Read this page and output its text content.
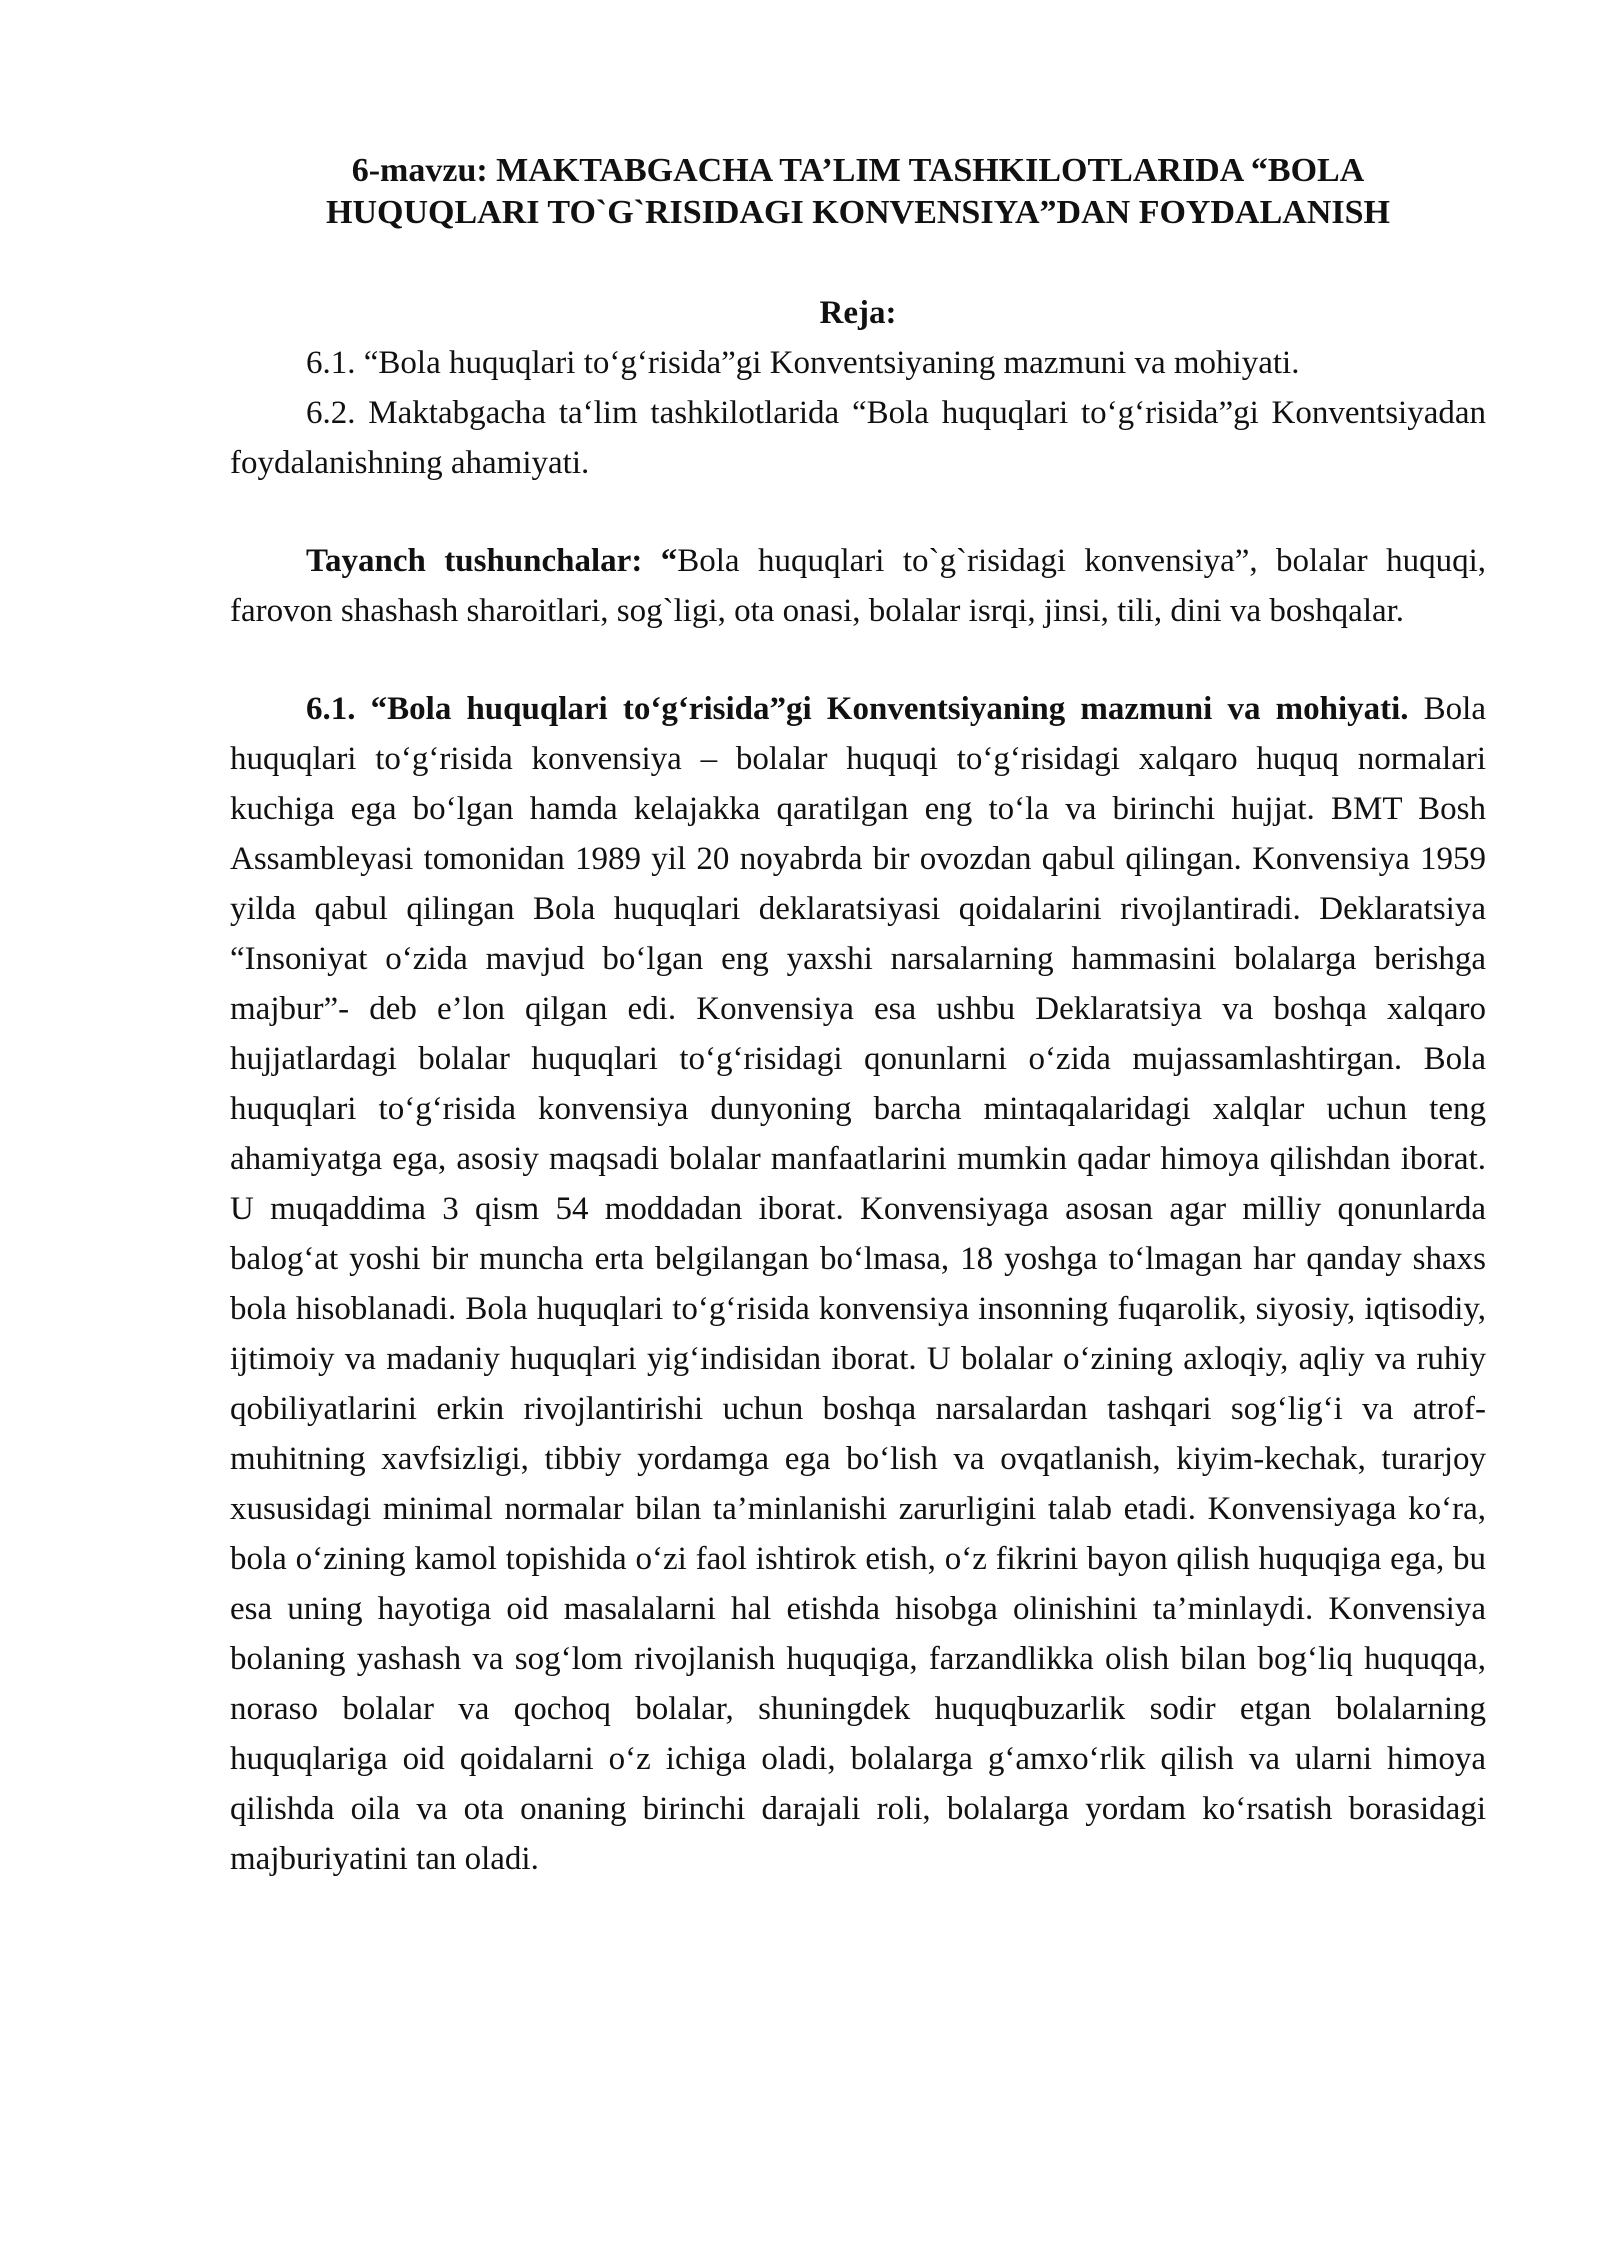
6-mavzu: MAKTABGACHA TA’LIM TASHKILOTLARIDA “BOLA
HUQUQLARI TO`G`RISIDAGI KONVENSIYA”DAN FOYDALANISH
Reja:

6.1. “Bola huquqlari to‘g‘risida”gi Konventsiyaning mazmuni va mohiyati.

6.2. Maktabgacha ta‘lim tashkilotlarida “Bola huquqlari to‘g‘risida”gi Konventsiyadan foydalanishning ahamiyati.

Tayanch tushunchalar: “Bola huquqlari to`g`risidagi konvensiya”, bolalar huquqi, farovon shashash sharoitlari, sog`ligi, ota onasi, bolalar isrqi, jinsi, tili, dini va boshqalar.

6.1. “Bola huquqlari to‘g‘risida”gi Konventsiyaning mazmuni va mohiyati. Bola huquqlari to‘g‘risida konvensiya – bolalar huquqi to‘g‘risidagi xalqaro huquq normalari kuchiga ega bo‘lgan hamda kelajakka qaratilgan eng to‘la va birinchi hujjat. BMT Bosh Assambleyasi tomonidan 1989 yil 20 noyabrda bir ovozdan qabul qilingan. Konvensiya 1959 yilda qabul qilingan Bola huquqlari deklaratsiyasi qoidalarini rivojlantiradi. Deklaratsiya “Insoniyat o‘zida mavjud bo‘lgan eng yaxshi narsalarning hammasini bolalarga berishga majbur”- deb e’lon qilgan edi. Konvensiya esa ushbu Deklaratsiya va boshqa xalqaro hujjatlardagi bolalar huquqlari to‘g‘risidagi qonunlarni o‘zida mujassamlashtirgan. Bola huquqlari to‘g‘risida konvensiya dunyoning barcha mintaqalaridagi xalqlar uchun teng ahamiyatga ega, asosiy maqsadi bolalar manfaatlarini mumkin qadar himoya qilishdan iborat. U muqaddima 3 qism 54 moddadan iborat. Konvensiyaga asosan agar milliy qonunlarda balog‘at yoshi bir muncha erta belgilangan bo‘lmasa, 18 yoshga to‘lmagan har qanday shaxs bola hisoblanadi. Bola huquqlari to‘g‘risida konvensiya insonning fuqarolik, siyosiy, iqtisodiy, ijtimoiy va madaniy huquqlari yig‘indisidan iborat. U bolalar o‘zining axloqiy, aqliy va ruhiy qobiliyatlarini erkin rivojlantirishi uchun boshqa narsalardan tashqari sog‘lig‘i va atrof-muhitning xavfsizligi, tibbiy yordamga ega bo‘lish va ovqatlanish, kiyim-kechak, turarjoy xususidagi minimal normalar bilan ta’minlanishi zarurligini talab etadi. Konvensiyaga ko‘ra, bola o‘zining kamol topishida o‘zi faol ishtirok etish, o‘z fikrini bayon qilish huquqiga ega, bu esa uning hayotiga oid masalalarni hal etishda hisobga olinishini ta’minlaydi. Konvensiya bolaning yashash va sog‘lom rivojlanish huquqiga, farzandlikka olish bilan bog‘liq huquqqa, noraso bolalar va qochoq bolalar, shuningdek huquqbuzarlik sodir etgan bolalarning huquqlariga oid qoidalarni o‘z ichiga oladi, bolalarga g‘amxo‘rlik qilish va ularni himoya qilishda oila va ota onaning birinchi darajali roli, bolalarga yordam ko‘rsatish borasidagi majburiyatini tan oladi.
